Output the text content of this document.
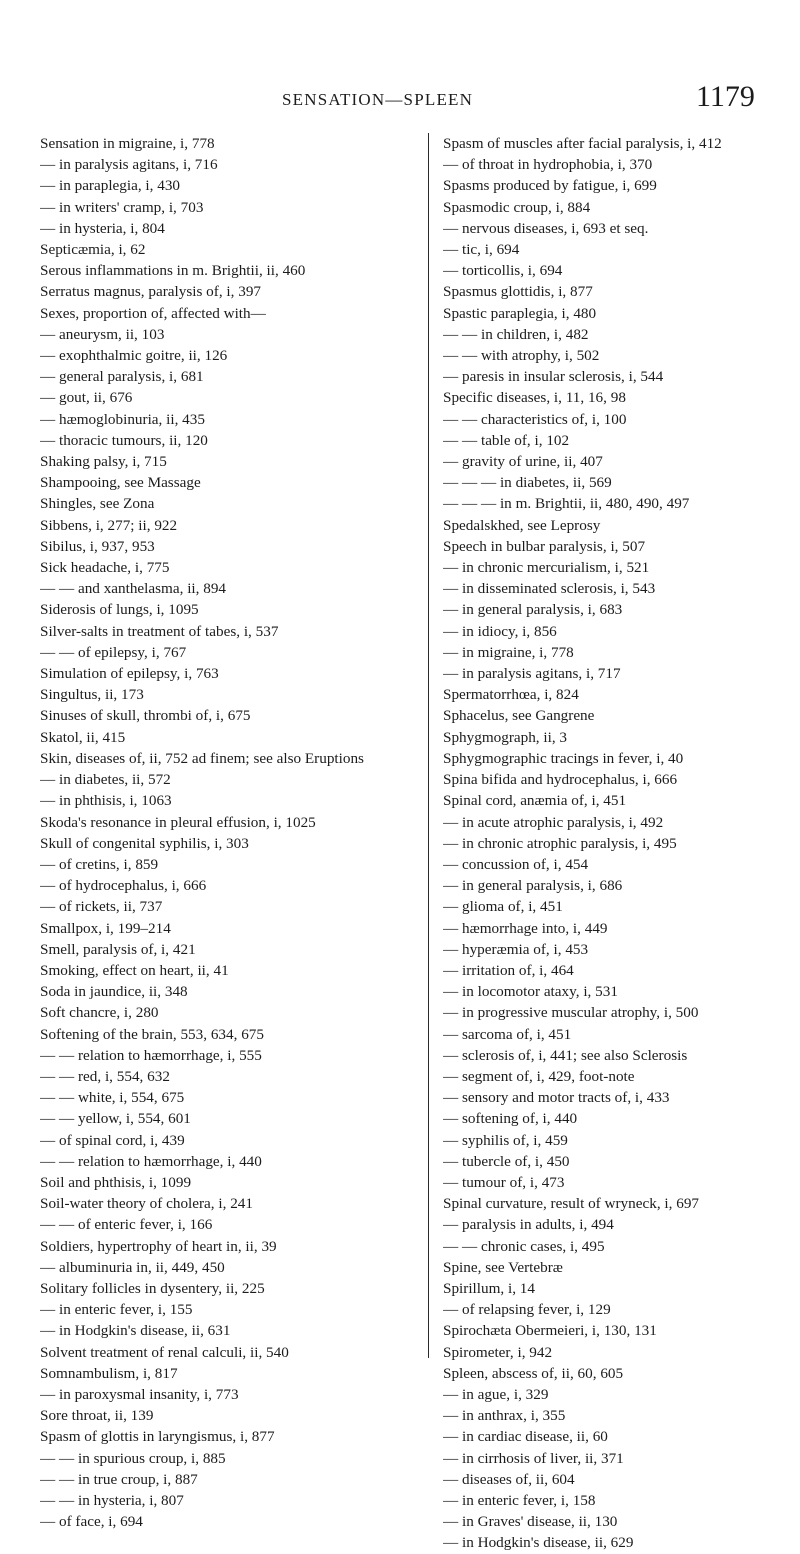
SENSATION—SPLEEN	1179
Sensation in migraine, i, 778
— in paralysis agitans, i, 716
— in paraplegia, i, 430
— in writers' cramp, i, 703
— in hysteria, i, 804
Septicæmia, i, 62
Serous inflammations in m. Brightii, ii, 460
Serratus magnus, paralysis of, i, 397
Sexes, proportion of, affected with—
— aneurysm, ii, 103
— exophthalmic goitre, ii, 126
— general paralysis, i, 681
— gout, ii, 676
— hæmoglobinuria, ii, 435
— thoracic tumours, ii, 120
Shaking palsy, i, 715
Shampooing, see Massage
Shingles, see Zona
Sibbens, i, 277; ii, 922
Sibilus, i, 937, 953
Sick headache, i, 775
— — and xanthelasma, ii, 894
Siderosis of lungs, i, 1095
Silver-salts in treatment of tabes, i, 537
— — of epilepsy, i, 767
Simulation of epilepsy, i, 763
Singultus, ii, 173
Sinuses of skull, thrombi of, i, 675
Skatol, ii, 415
Skin, diseases of, ii, 752 ad finem; see also Eruptions
— in diabetes, ii, 572
— in phthisis, i, 1063
Skoda's resonance in pleural effusion, i, 1025
Skull of congenital syphilis, i, 303
— of cretins, i, 859
— of hydrocephalus, i, 666
— of rickets, ii, 737
Smallpox, i, 199–214
Smell, paralysis of, i, 421
Smoking, effect on heart, ii, 41
Soda in jaundice, ii, 348
Soft chancre, i, 280
Softening of the brain, 553, 634, 675
— — relation to hæmorrhage, i, 555
— — red, i, 554, 632
— — white, i, 554, 675
— — yellow, i, 554, 601
— of spinal cord, i, 439
— — relation to hæmorrhage, i, 440
Soil and phthisis, i, 1099
Soil-water theory of cholera, i, 241
— — of enteric fever, i, 166
Soldiers, hypertrophy of heart in, ii, 39
— albuminuria in, ii, 449, 450
Solitary follicles in dysentery, ii, 225
— in enteric fever, i, 155
— in Hodgkin's disease, ii, 631
Solvent treatment of renal calculi, ii, 540
Somnambulism, i, 817
— in paroxysmal insanity, i, 773
Sore throat, ii, 139
Spasm of glottis in laryngismus, i, 877
— — in spurious croup, i, 885
— — in true croup, i, 887
— — in hysteria, i, 807
— of face, i, 694
Spasm of muscles after facial paralysis, i, 412
— of throat in hydrophobia, i, 370
Spasms produced by fatigue, i, 699
Spasmodic croup, i, 884
— nervous diseases, i, 693 et seq.
— tic, i, 694
— torticollis, i, 694
Spasmus glottidis, i, 877
Spastic paraplegia, i, 480
— — in children, i, 482
— — with atrophy, i, 502
— paresis in insular sclerosis, i, 544
Specific diseases, i, 11, 16, 98
— — characteristics of, i, 100
— — table of, i, 102
— gravity of urine, ii, 407
— — — in diabetes, ii, 569
— — — in m. Brightii, ii, 480, 490, 497
Spedalskhed, see Leprosy
Speech in bulbar paralysis, i, 507
— in chronic mercurialism, i, 521
— in disseminated sclerosis, i, 543
— in general paralysis, i, 683
— in idiocy, i, 856
— in migraine, i, 778
— in paralysis agitans, i, 717
Spermatorrhœa, i, 824
Sphacelus, see Gangrene
Sphygmograph, ii, 3
Sphygmographic tracings in fever, i, 40
Spina bifida and hydrocephalus, i, 666
Spinal cord, anæmia of, i, 451
— in acute atrophic paralysis, i, 492
— in chronic atrophic paralysis, i, 495
— concussion of, i, 454
— in general paralysis, i, 686
— glioma of, i, 451
— hæmorrhage into, i, 449
— hyperæmia of, i, 453
— irritation of, i, 464
— in locomotor ataxy, i, 531
— in progressive muscular atrophy, i, 500
— sarcoma of, i, 451
— sclerosis of, i, 441; see also Sclerosis
— segment of, i, 429, foot-note
— sensory and motor tracts of, i, 433
— softening of, i, 440
— syphilis of, i, 459
— tubercle of, i, 450
— tumour of, i, 473
Spinal curvature, result of wryneck, i, 697
— paralysis in adults, i, 494
— — chronic cases, i, 495
Spine, see Vertebræ
Spirillum, i, 14
— of relapsing fever, i, 129
Spirochæta Obermeieri, i, 130, 131
Spirometer, i, 942
Spleen, abscess of, ii, 60, 605
— in ague, i, 329
— in anthrax, i, 355
— in cardiac disease, ii, 60
— in cirrhosis of liver, ii, 371
— diseases of, ii, 604
— in enteric fever, i, 158
— in Graves' disease, ii, 130
— in Hodgkin's disease, ii, 629
